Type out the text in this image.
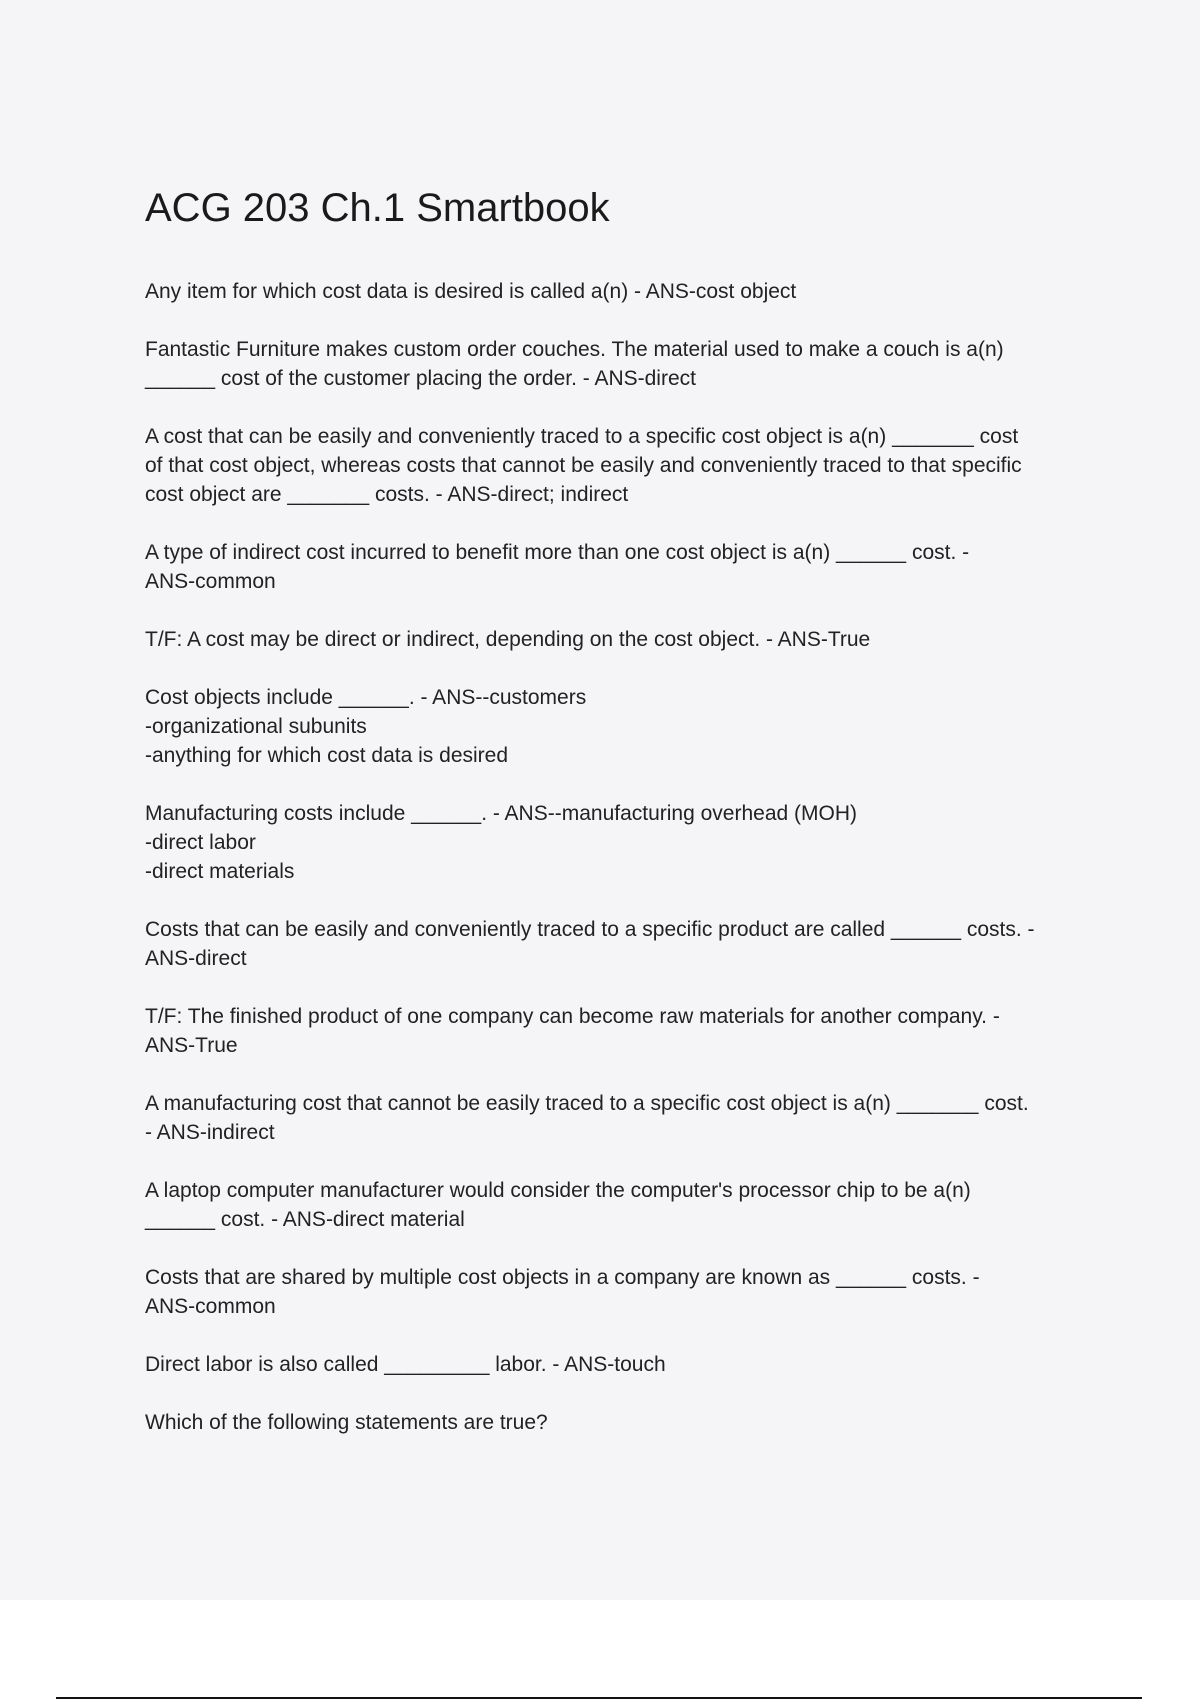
ACG 203 Ch.1 Smartbook

Any item for which cost data is desired is called a(n) - ANS-cost object

Fantastic Furniture makes custom order couches. The material used to make a couch is a(n)
______ cost of the customer placing the order. - ANS-direct

A cost that can be easily and conveniently traced to a specific cost object is a(n) _______ cost
of that cost object, whereas costs that cannot be easily and conveniently traced to that specific
cost object are _______ costs. - ANS-direct; indirect

A type of indirect cost incurred to benefit more than one cost object is a(n) ______ cost. -
ANS-common

T/F: A cost may be direct or indirect, depending on the cost object. - ANS-True

Cost objects include ______. - ANS--customers
-organizational subunits
-anything for which cost data is desired

Manufacturing costs include ______. - ANS--manufacturing overhead (MOH)
-direct labor
-direct materials

Costs that can be easily and conveniently traced to a specific product are called ______ costs. -
ANS-direct

T/F: The finished product of one company can become raw materials for another company. -
ANS-True

A manufacturing cost that cannot be easily traced to a specific cost object is a(n) _______ cost.
- ANS-indirect

A laptop computer manufacturer would consider the computer's processor chip to be a(n)
______ cost. - ANS-direct material

Costs that are shared by multiple cost objects in a company are known as ______ costs. -
ANS-common

Direct labor is also called _________ labor. - ANS-touch

Which of the following statements are true?
